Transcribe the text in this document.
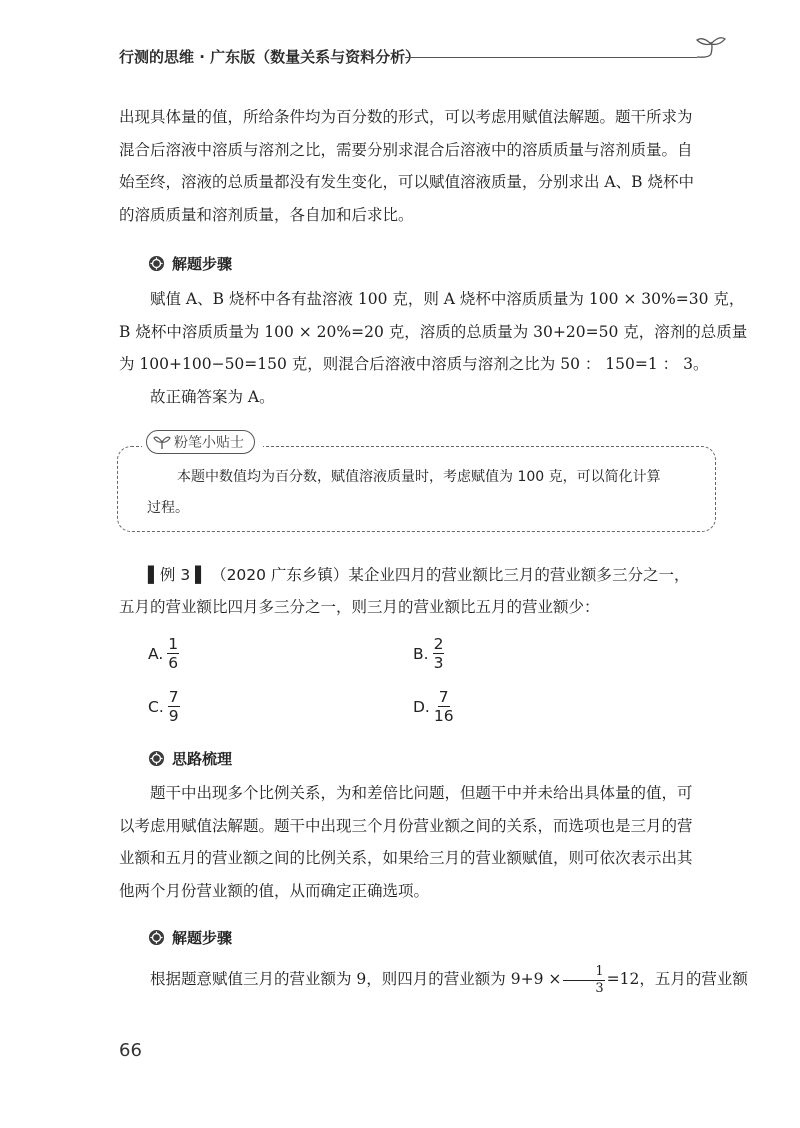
行测的思维 · 广东版（数量关系与资料分析）
出现具体量的值，所给条件均为百分数的形式，可以考虑用赋值法解题。题干所求为
混合后溶液中溶质与溶剂之比，需要分别求混合后溶液中的溶质质量与溶剂质量。自
始至终，溶液的总质量都没有发生变化，可以赋值溶液质量，分别求出 A、B 烧杯中
的溶质质量和溶剂质量，各自加和后求比。
解题步骤
赋值 A、B 烧杯中各有盐溶液 100 克，则 A 烧杯中溶质质量为 100 × 30%=30 克，
B 烧杯中溶质质量为 100 × 20%=20 克，溶质的总质量为 30+20=50 克，溶剂的总质量
为 100+100−50=150 克，则混合后溶液中溶质与溶剂之比为 50 ： 150=1 ： 3。
故正确答案为 A。
粉笔小贴士
本题中数值均为百分数，赋值溶液质量时，考虑赋值为 100 克，可以简化计算
过程。
▌例 3 ▌ （2020 广东乡镇）某企业四月的营业额比三月的营业额多三分之一，
五月的营业额比四月多三分之一，则三月的营业额比五月的营业额少：
A. $\frac{1}{6}$	B. $\frac{2}{3}$
C. $\frac{7}{9}$	D. $\frac{7}{16}$
思路梳理
题干中出现多个比例关系，为和差倍比问题，但题干中并未给出具体量的值，可
以考虑用赋值法解题。题干中出现三个月份营业额之间的关系，而选项也是三月的营
业额和五月的营业额之间的比例关系，如果给三月的营业额赋值，则可依次表示出其
他两个月份营业额的值，从而确定正确选项。
解题步骤
根据题意赋值三月的营业额为 9，则四月的营业额为 $9+9 \times \frac{1}{3} =12$，五月的营业额
66
